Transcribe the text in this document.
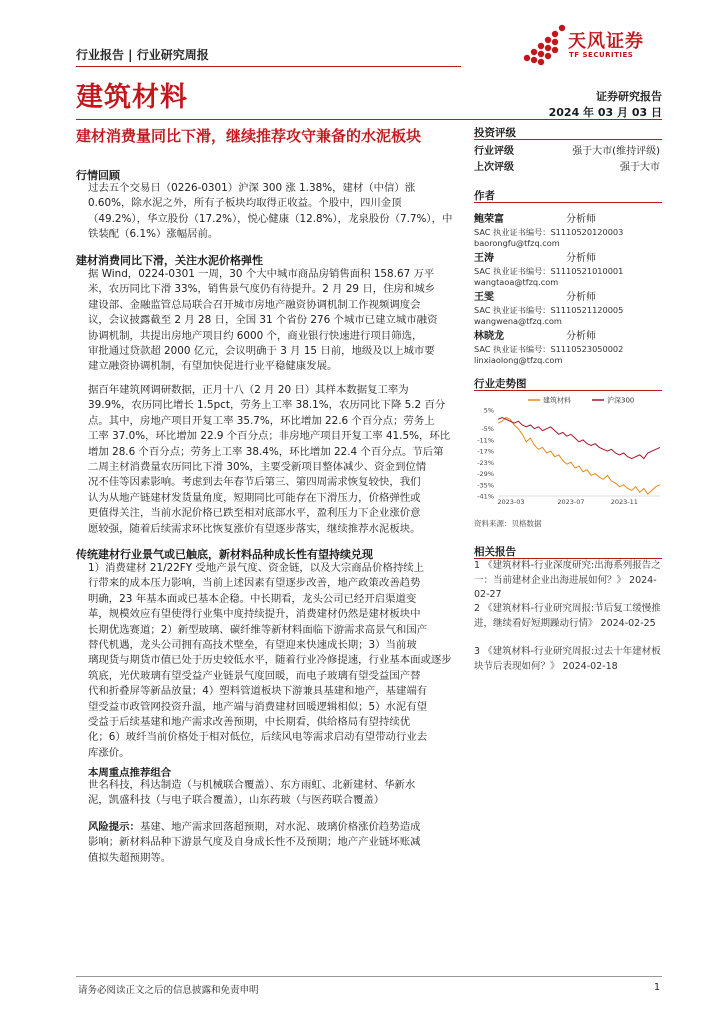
行业报告 | 行业研究周报
天风证券
TF SECURITIES
建筑材料	证券研究报告
2024 年 03 月 03 日
建材消费量同比下滑，继续推荐攻守兼备的水泥板块
行情回顾
过去五个交易日（0226-0301）沪深 300 涨 1.38%，建材（中信）涨
0.60%，除水泥之外，所有子板块均取得正收益。个股中，四川金顶
（49.2%），华立股份（17.2%），悦心健康（12.8%），龙泉股份（7.7%），中
铁装配（6.1%）涨幅居前。
建材消费同比下滑，关注水泥价格弹性
据 Wind，0224-0301 一周，30 个大中城市商品房销售面积 158.67 万平
米，农历同比下滑 33%，销售景气度仍有待提升。2 月 29 日，住房和城乡
建设部、金融监管总局联合召开城市房地产融资协调机制工作视频调度会
议，会议披露截至 2 月 28 日，全国 31 个省份 276 个城市已建立城市融资
协调机制，共提出房地产项目约 6000 个，商业银行快速进行项目筛选，
审批通过贷款超 2000 亿元，会议明确于 3 月 15 日前，地级及以上城市要
建立融资协调机制，有望加快促进行业平稳健康发展。
据百年建筑网调研数据，正月十八（2 月 20 日）其样本数据复工率为
39.9%，农历同比增长 1.5pct，劳务上工率 38.1%，农历同比下降 5.2 百分
点。其中，房地产项目开复工率 35.7%，环比增加 22.6 个百分点；劳务上
工率 37.0%，环比增加 22.9 个百分点；非房地产项目开复工率 41.5%，环比
增加 28.6 个百分点；劳务上工率 38.4%，环比增加 22.4 个百分点。节后第
二周主材消费量农历同比下滑 30%，主要受新项目整体减少、资金到位情
况不佳等因素影响。考虑到去年春节后第三、第四周需求恢复较快，我们
认为从地产链建材发货量角度，短期同比可能存在下滑压力，价格弹性或
更值得关注，当前水泥价格已跌至相对底部水平，盈利压力下企业涨价意
愿较强，随着后续需求环比恢复涨价有望逐步落实，继续推荐水泥板块。
传统建材行业景气或已触底，新材料品种成长性有望持续兑现
1）消费建材 21/22FY 受地产景气度、资金链，以及大宗商品价格持续上
行带来的成本压力影响，当前上述因素有望逐步改善，地产政策改善趋势
明确，23 年基本面或已基本企稳。中长期看，龙头公司已经开启渠道变
革，规模效应有望使得行业集中度持续提升，消费建材仍然是建材板块中
长期优选赛道；2）新型玻璃、碳纤维等新材料面临下游需求高景气和国产
替代机遇，龙头公司拥有高技术壁垒，有望迎来快速成长期；3）当前玻
璃现货与期货市值已处于历史较低水平，随着行业冷修提速，行业基本面或逐步
筑底，光伏玻璃有望受益产业链景气度回暖，而电子玻璃有望受益国产替
代和折叠屏等新品放量；4）塑料管道板块下游兼具基建和地产，基建端有
望受益市政管网投资升温，地产端与消费建材回暖逻辑相似；5）水泥有望
受益于后续基建和地产需求改善预期，中长期看，供给格局有望持续优
化；6）玻纤当前价格处于相对低位，后续风电等需求启动有望带动行业去
库涨价。
本周重点推荐组合
世名科技，科达制造（与机械联合覆盖）、东方雨虹、北新建材、华新水
泥，凯盛科技（与电子联合覆盖），山东药玻（与医药联合覆盖）
风险提示：基建、地产需求回落超预期，对水泥、玻璃价格涨价趋势造成
影响；新材料品种下游景气度及自身成长性不及预期；地产产业链坏账减
值拟失超预期等。
投资评级
行业评级	强于大市(维持评级)
上次评级	强于大市
作者
鲍荣富	分析师
SAC 执业证书编号：S1110520120003
baorongfu@tfzq.com
王涛	分析师
SAC 执业证书编号：S1110521010001
wangtaoa@tfzq.com
王雯	分析师
SAC 执业证书编号：S1110521120005
wangwena@tfzq.com
林晓龙	分析师
SAC 执业证书编号：S1110523050002
linxiaolong@tfzq.com
行业走势图
5%
-5%
-11%
-17%
-23%
-29%
-35%
-41%
2023-03	2023-07	2023-11
建筑材料	沪深300
资料来源：贝格数据
相关报告
1 《建筑材料-行业深度研究:出海系列报告之一：当前建材企业出海进展如何？》 2024-02-27
2 《建筑材料-行业研究周报:节后复工缓慢推进，继续看好短期躁动行情》 2024-02-25
3 《建筑材料-行业研究周报:过去十年建材板块节后表现如何？》 2024-02-18
请务必阅读正文之后的信息披露和免责申明	1
